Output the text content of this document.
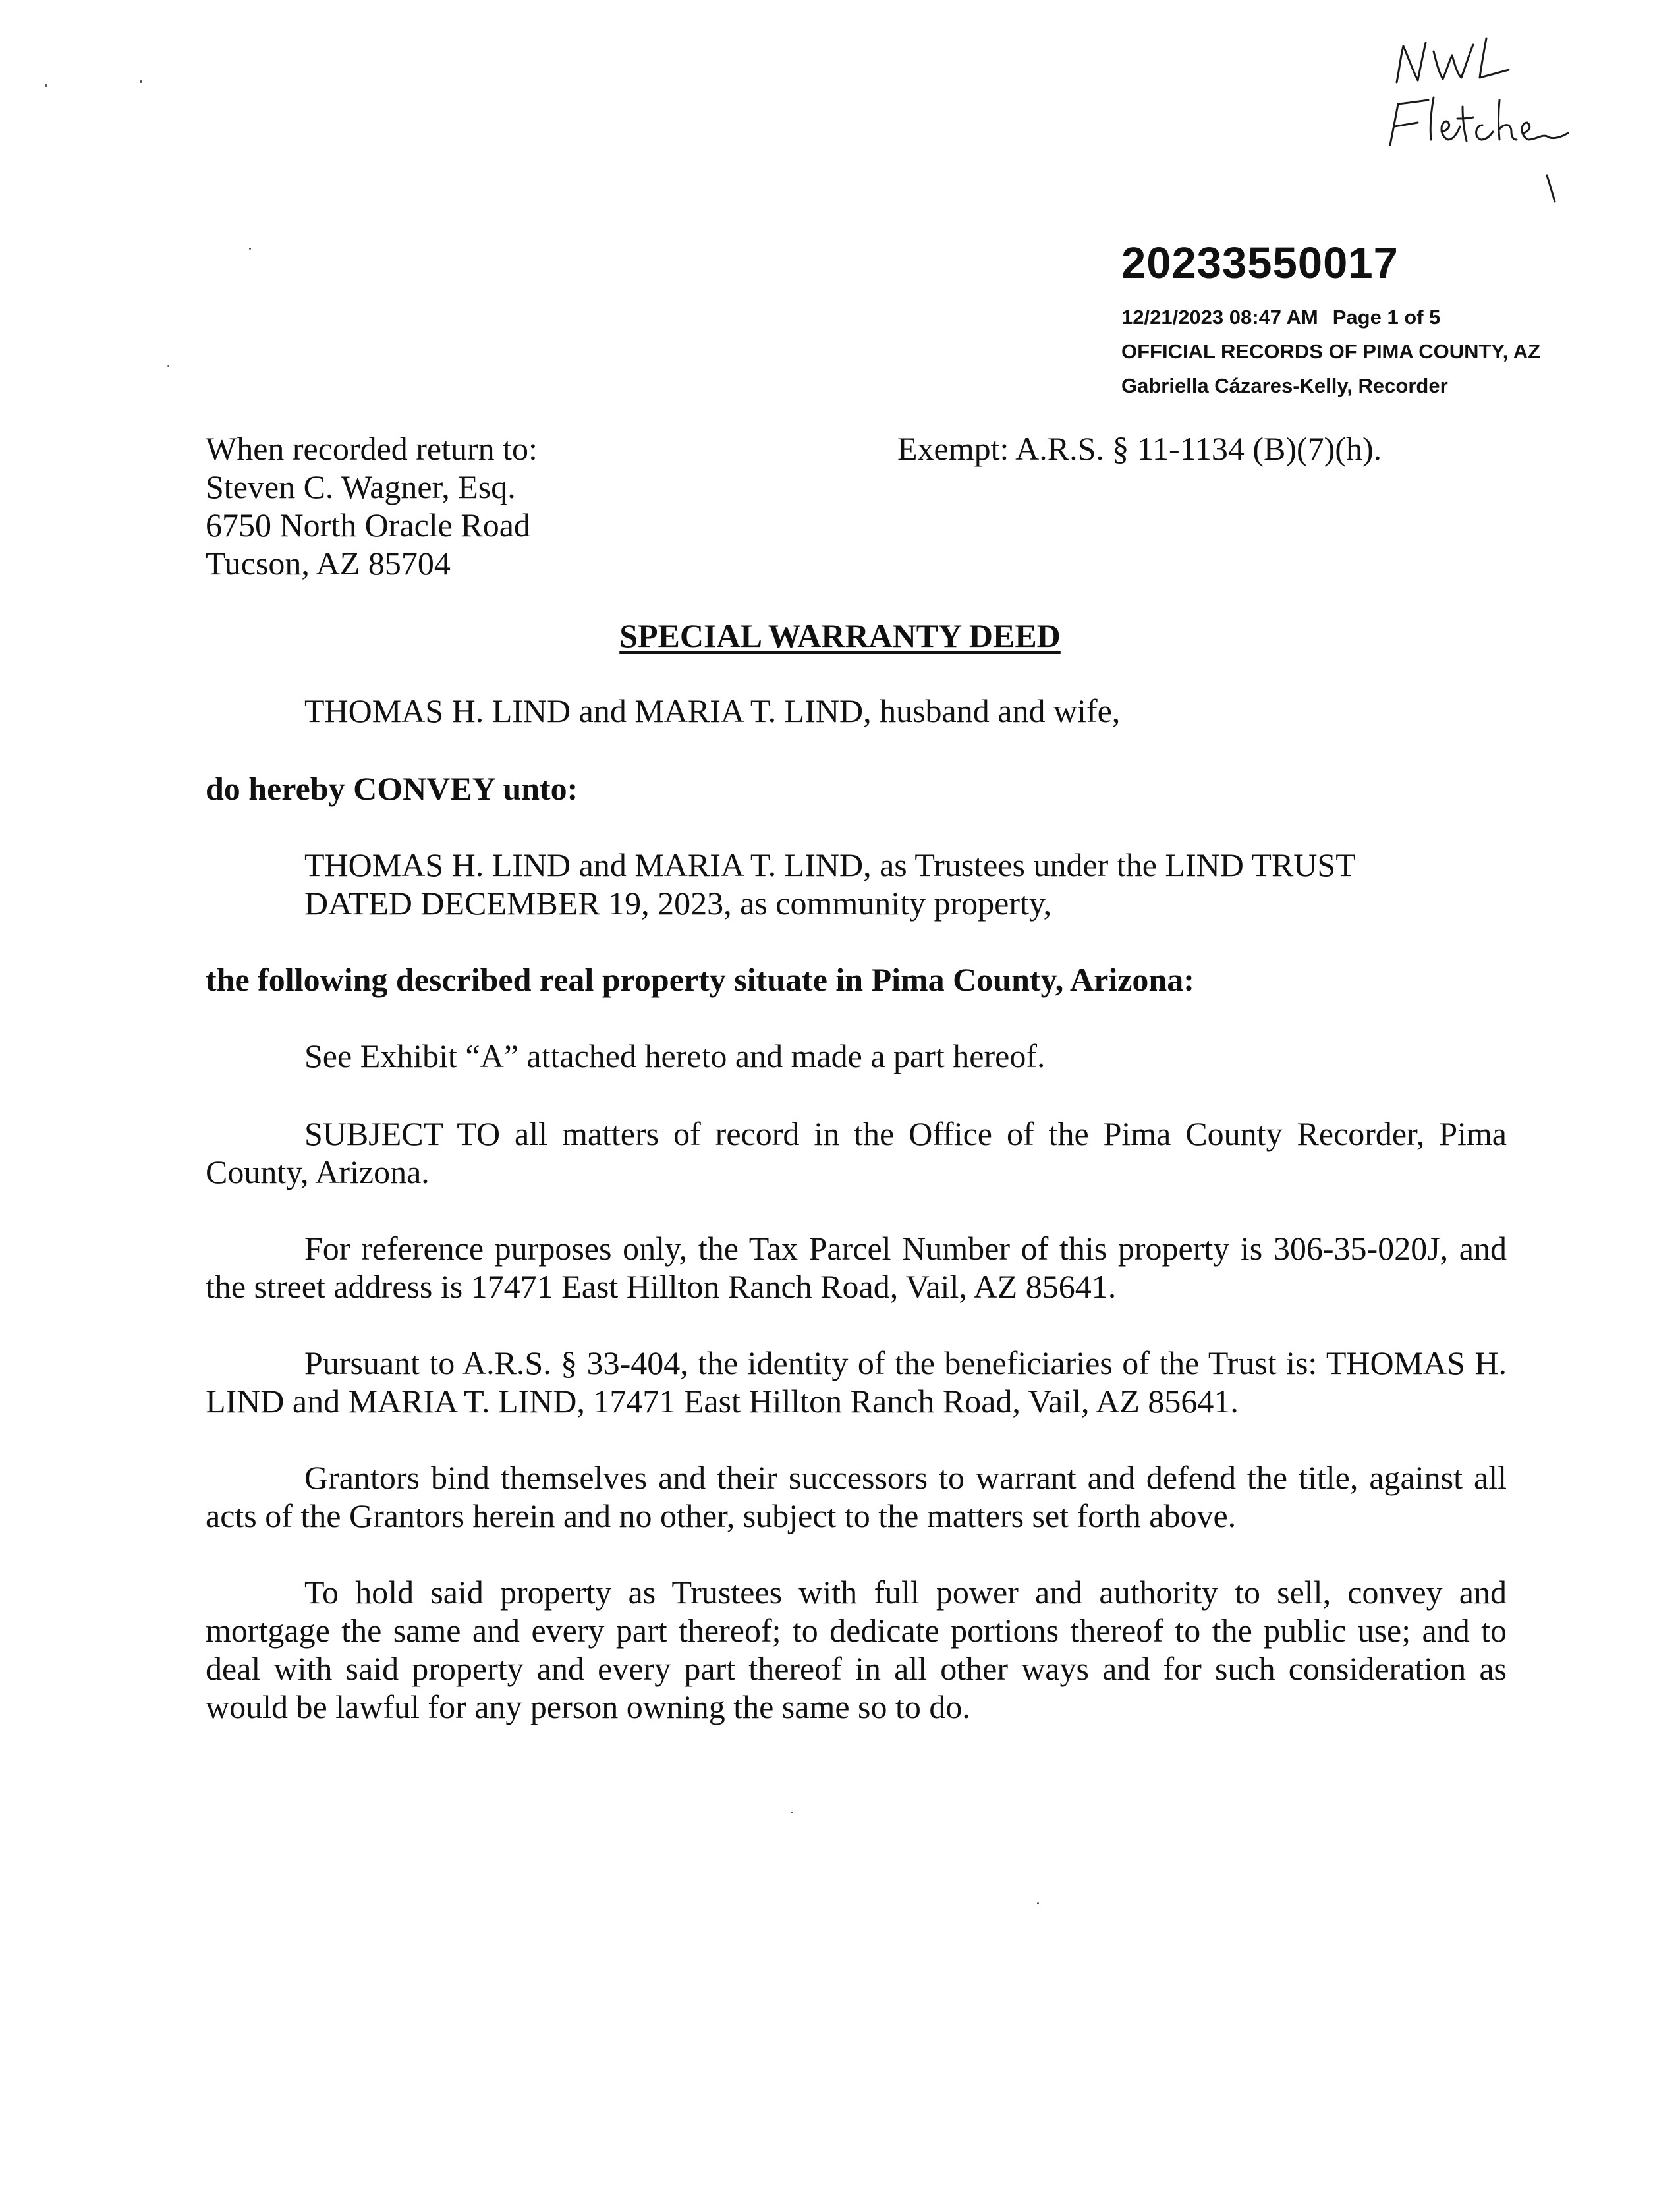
20233550017
12/21/2023 08:47 AM Page 1 of 5
OFFICIAL RECORDS OF PIMA COUNTY, AZ
Gabriella Cázares-Kelly, Recorder
When recorded return to:
Steven C. Wagner, Esq.
6750 North Oracle Road
Tucson, AZ 85704
Exempt: A.R.S. § 11-1134 (B)(7)(h).
SPECIAL WARRANTY DEED
THOMAS H. LIND and MARIA T. LIND, husband and wife,
do hereby CONVEY unto:
THOMAS H. LIND and MARIA T. LIND, as Trustees under the LIND TRUST
DATED DECEMBER 19, 2023, as community property,
the following described real property situate in Pima County, Arizona:
See Exhibit “A” attached hereto and made a part hereof.
SUBJECT TO all matters of record in the Office of the Pima County Recorder, Pima County, Arizona.
For reference purposes only, the Tax Parcel Number of this property is 306-35-020J, and the street address is 17471 East Hillton Ranch Road, Vail, AZ 85641.
Pursuant to A.R.S. § 33-404, the identity of the beneficiaries of the Trust is: THOMAS H. LIND and MARIA T. LIND, 17471 East Hillton Ranch Road, Vail, AZ 85641.
Grantors bind themselves and their successors to warrant and defend the title, against all acts of the Grantors herein and no other, subject to the matters set forth above.
To hold said property as Trustees with full power and authority to sell, convey and mortgage the same and every part thereof; to dedicate portions thereof to the public use; and to deal with said property and every part thereof in all other ways and for such consideration as would be lawful for any person owning the same so to do.
